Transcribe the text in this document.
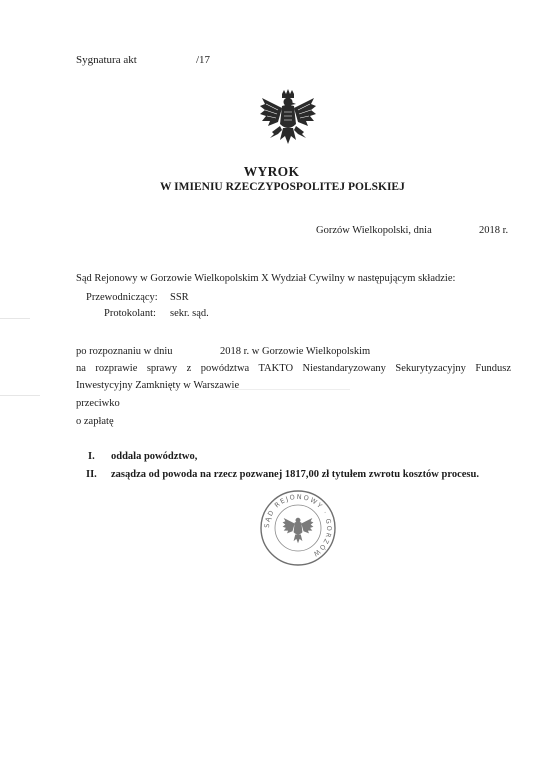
Sygnatura akt	/17
WYROK
W IMIENIU RZECZYPOSPOLITEJ POLSKIEJ
Gorzów Wielkopolski, dnia	2018 r.
Sąd Rejonowy w Gorzowie Wielkopolskim X Wydział Cywilny w następującym składzie:
Przewodniczący: SSR
Protokolant: sekr. sąd.
po rozpoznaniu w dniu	2018 r. w Gorzowie Wielkopolskim
na rozprawie sprawy z powództwa TAKTO Niestandaryzowany Sekurytyzacyjny Fundusz
Inwestycyjny Zamknięty w Warszawie
przeciwko
o zapłatę
I. oddala powództwo,
II. zasądza od powoda na rzecz pozwanej 1817,00 zł tytułem zwrotu kosztów procesu.
SĄD REJONOWY · GORZÓW
